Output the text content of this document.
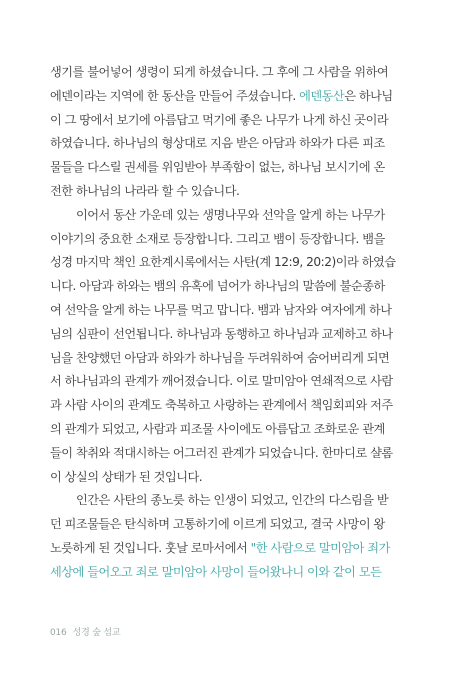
생기를 불어넣어 생령이 되게 하셨습니다. 그 후에 그 사람을 위하여
에덴이라는 지역에 한 동산을 만들어 주셨습니다. 에덴동산은 하나님
이 그 땅에서 보기에 아름답고 먹기에 좋은 나무가 나게 하신 곳이라
하였습니다. 하나님의 형상대로 지음 받은 아담과 하와가 다른 피조
물들을 다스릴 권세를 위임받아 부족함이 없는, 하나님 보시기에 온
전한 하나님의 나라라 할 수 있습니다.
이어서 동산 가운데 있는 생명나무와 선악을 알게 하는 나무가
이야기의 중요한 소재로 등장합니다. 그리고 뱀이 등장합니다. 뱀을
성경 마지막 책인 요한계시록에서는 사탄(계 12:9, 20:2)이라 하였습
니다. 아담과 하와는 뱀의 유혹에 넘어가 하나님의 말씀에 불순종하
여 선악을 알게 하는 나무를 먹고 맙니다. 뱀과 남자와 여자에게 하나
님의 심판이 선언됩니다. 하나님과 동행하고 하나님과 교제하고 하나
님을 찬양했던 아담과 하와가 하나님을 두려워하여 숨어버리게 되면
서 하나님과의 관계가 깨어졌습니다. 이로 말미암아 연쇄적으로 사람
과 사람 사이의 관계도 축복하고 사랑하는 관계에서 책임회피와 저주
의 관계가 되었고, 사람과 피조물 사이에도 아름답고 조화로운 관계
들이 착취와 적대시하는 어그러진 관계가 되었습니다. 한마디로 샬롬
이 상실의 상태가 된 것입니다.
인간은 사탄의 종노릇 하는 인생이 되었고, 인간의 다스림을 받
던 피조물들은 탄식하며 고통하기에 이르게 되었고, 결국 사망이 왕
노릇하게 된 것입니다. 훗날 로마서에서 "한 사람으로 말미암아 죄가
세상에 들어오고 죄로 말미암아 사망이 들어왔나니 이와 같이 모든
016 성경 숲 섬교
